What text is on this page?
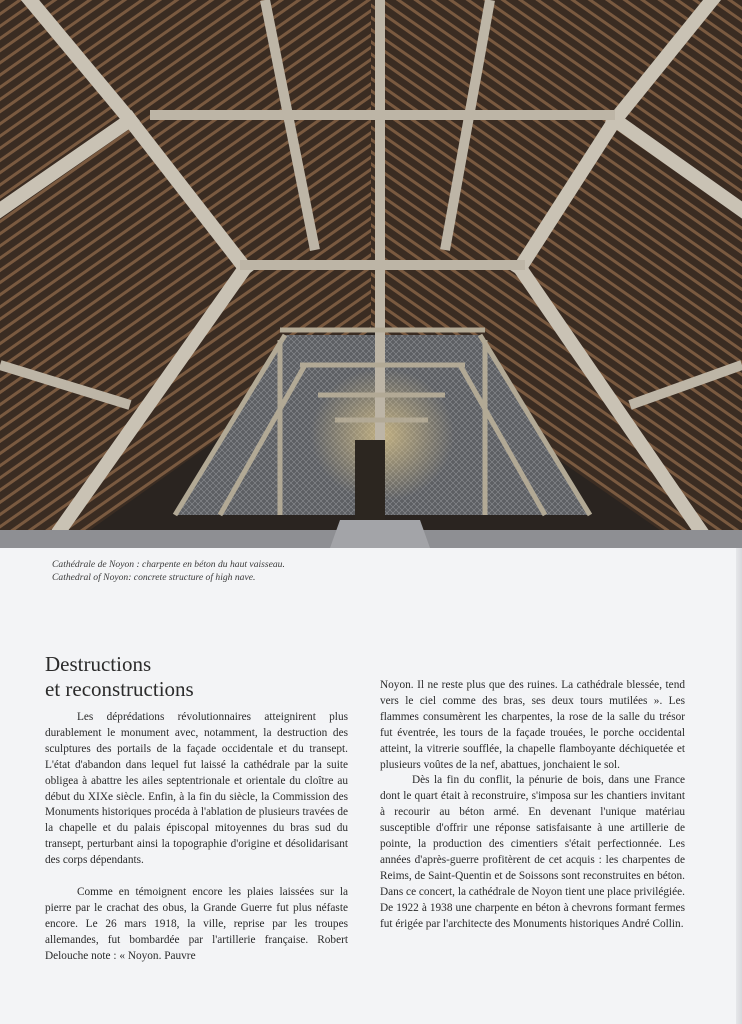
Cathédrale de Noyon : charpente en béton du haut vaisseau.
Cathedral of Noyon: concrete structure of high nave.
Destructions
et reconstructions

Les déprédations révolutionnaires atteignirent plus durablement le monument avec, notamment, la destruction des sculptures des portails de la façade occidentale et du transept. L'état d'abandon dans lequel fut laissé la cathédrale par la suite obligea à abattre les ailes septentrionale et orientale du cloître au début du XIXe siècle. Enfin, à la fin du siècle, la Commission des Monuments historiques procéda à l'ablation de plusieurs travées de la chapelle et du palais épiscopal mitoyennes du bras sud du transept, perturbant ainsi la topographie d'origine et désolidarisant des corps dépendants.

Comme en témoignent encore les plaies laissées sur la pierre par le crachat des obus, la Grande Guerre fut plus néfaste encore. Le 26 mars 1918, la ville, reprise par les troupes allemandes, fut bombardée par l'artillerie française. Robert Delouche note : « Noyon. Pauvre

Noyon. Il ne reste plus que des ruines. La cathédrale blessée, tend vers le ciel comme des bras, ses deux tours mutilées ». Les flammes consumèrent les charpentes, la rose de la salle du trésor fut éventrée, les tours de la façade trouées, le porche occidental atteint, la vitrerie soufflée, la chapelle flamboyante déchiquetée et plusieurs voûtes de la nef, abattues, jonchaient le sol.

Dès la fin du conflit, la pénurie de bois, dans une France dont le quart était à reconstruire, s'imposa sur les chantiers invitant à recourir au béton armé. En devenant l'unique matériau susceptible d'offrir une réponse satisfaisante à une artillerie de pointe, la production des cimentiers s'était perfectionnée. Les années d'après-guerre profitèrent de cet acquis : les charpentes de Reims, de Saint-Quentin et de Soissons sont reconstruites en béton. Dans ce concert, la cathédrale de Noyon tient une place privilégiée. De 1922 à 1938 une charpente en béton à chevrons formant fermes fut érigée par l'architecte des Monuments historiques André Collin.
